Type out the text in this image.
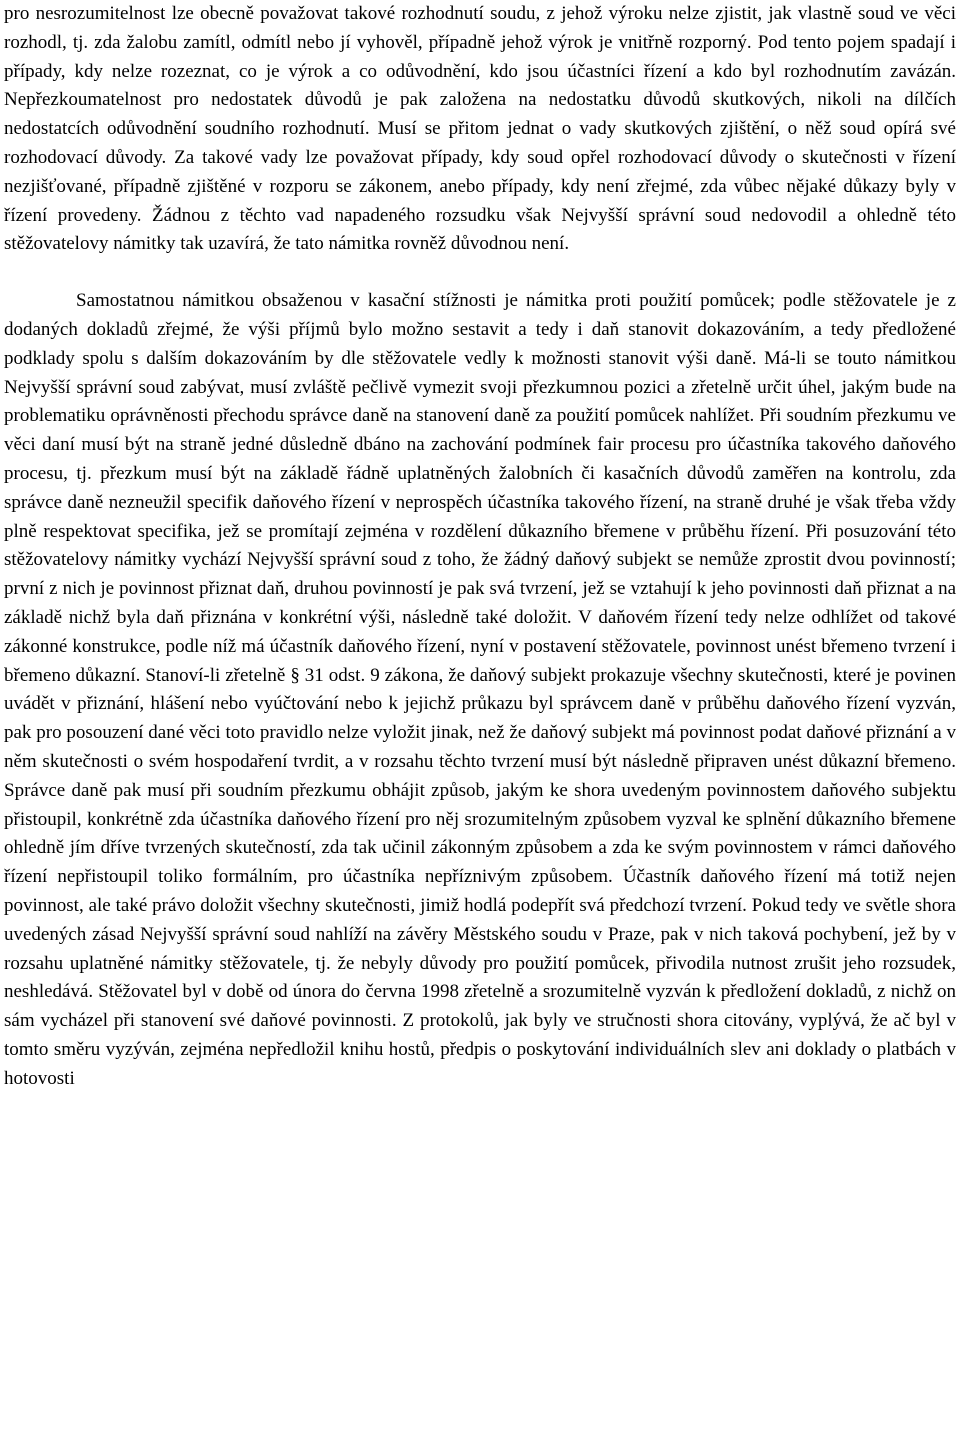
pro nesrozumitelnost lze obecně považovat takové rozhodnutí soudu, z jehož výroku nelze zjistit, jak vlastně soud ve věci rozhodl, tj. zda žalobu zamítl, odmítl nebo jí vyhověl, případně jehož výrok je vnitřně rozporný. Pod tento pojem spadají i případy, kdy nelze rozeznat, co je výrok a co odůvodnění, kdo jsou účastníci řízení a kdo byl rozhodnutím zavázán. Nepřezkoumatelnost pro nedostatek důvodů je pak založena na nedostatku důvodů skutkových, nikoli na dílčích nedostatcích odůvodnění soudního rozhodnutí. Musí se přitom jednat o vady skutkových zjištění, o něž soud opírá své rozhodovací důvody. Za takové vady lze považovat případy, kdy soud opřel rozhodovací důvody o skutečnosti v řízení nezjišťované, případně zjištěné v rozporu se zákonem, anebo případy, kdy není zřejmé, zda vůbec nějaké důkazy byly v řízení provedeny. Žádnou z těchto vad napadeného rozsudku však Nejvyšší správní soud nedovodil a ohledně této stěžovatelovy námitky tak uzavírá, že tato námitka rovněž důvodnou není.

Samostatnou námitkou obsaženou v kasační stížnosti je námitka proti použití pomůcek; podle stěžovatele je z dodaných dokladů zřejmé, že výši příjmů bylo možno sestavit a tedy i daň stanovit dokazováním, a tedy předložené podklady spolu s dalším dokazováním by dle stěžovatele vedly k možnosti stanovit výši daně. Má-li se touto námitkou Nejvyšší správní soud zabývat, musí zvláště pečlivě vymezit svoji přezkumnou pozici a zřetelně určit úhel, jakým bude na problematiku oprávněnosti přechodu správce daně na stanovení daně za použití pomůcek nahlížet. Při soudním přezkumu ve věci daní musí být na straně jedné důsledně dbáno na zachování podmínek fair procesu pro účastníka takového daňového procesu, tj. přezkum musí být na základě řádně uplatněných žalobních či kasačních důvodů zaměřen na kontrolu, zda správce daně nezneužil specifik daňového řízení v neprospěch účastníka takového řízení, na straně druhé je však třeba vždy plně respektovat specifika, jež se promítají zejména v rozdělení důkazního břemene v průběhu řízení. Při posuzování této stěžovatelovy námitky vychází Nejvyšší správní soud z toho, že žádný daňový subjekt se nemůže zprostit dvou povinností; první z nich je povinnost přiznat daň, druhou povinností je pak svá tvrzení, jež se vztahují k jeho povinnosti daň přiznat a na základě nichž byla daň přiznána v konkrétní výši, následně také doložit. V daňovém řízení tedy nelze odhlížet od takové zákonné konstrukce, podle níž má účastník daňového řízení, nyní v postavení stěžovatele, povinnost unést břemeno tvrzení i břemeno důkazní. Stanoví-li zřetelně § 31 odst. 9 zákona, že daňový subjekt prokazuje všechny skutečnosti, které je povinen uvádět v přiznání, hlášení nebo vyúčtování nebo k jejichž průkazu byl správcem daně v průběhu daňového řízení vyzván, pak pro posouzení dané věci toto pravidlo nelze vyložit jinak, než že daňový subjekt má povinnost podat daňové přiznání a v něm skutečnosti o svém hospodaření tvrdit, a v rozsahu těchto tvrzení musí být následně připraven unést důkazní břemeno. Správce daně pak musí při soudním přezkumu obhájit způsob, jakým ke shora uvedeným povinnostem daňového subjektu přistoupil, konkrétně zda účastníka daňového řízení pro něj srozumitelným způsobem vyzval ke splnění důkazního břemene ohledně jím dříve tvrzených skutečností, zda tak učinil zákonným způsobem a zda ke svým povinnostem v rámci daňového řízení nepřistoupil toliko formálním, pro účastníka nepříznivým způsobem. Účastník daňového řízení má totiž nejen povinnost, ale také právo doložit všechny skutečnosti, jimiž hodlá podepřít svá předchozí tvrzení. Pokud tedy ve světle shora uvedených zásad Nejvyšší správní soud nahlíží na závěry Městského soudu v Praze, pak v nich taková pochybení, jež by v rozsahu uplatněné námitky stěžovatele, tj. že nebyly důvody pro použití pomůcek, přivodila nutnost zrušit jeho rozsudek, neshledává. Stěžovatel byl v době od února do června 1998 zřetelně a srozumitelně vyzván k předložení dokladů, z nichž on sám vycházel při stanovení své daňové povinnosti. Z protokolů, jak byly ve stručnosti shora citovány, vyplývá, že ač byl v tomto směru vyzýván, zejména nepředložil knihu hostů, předpis o poskytování individuálních slev ani doklady o platbách v hotovosti
